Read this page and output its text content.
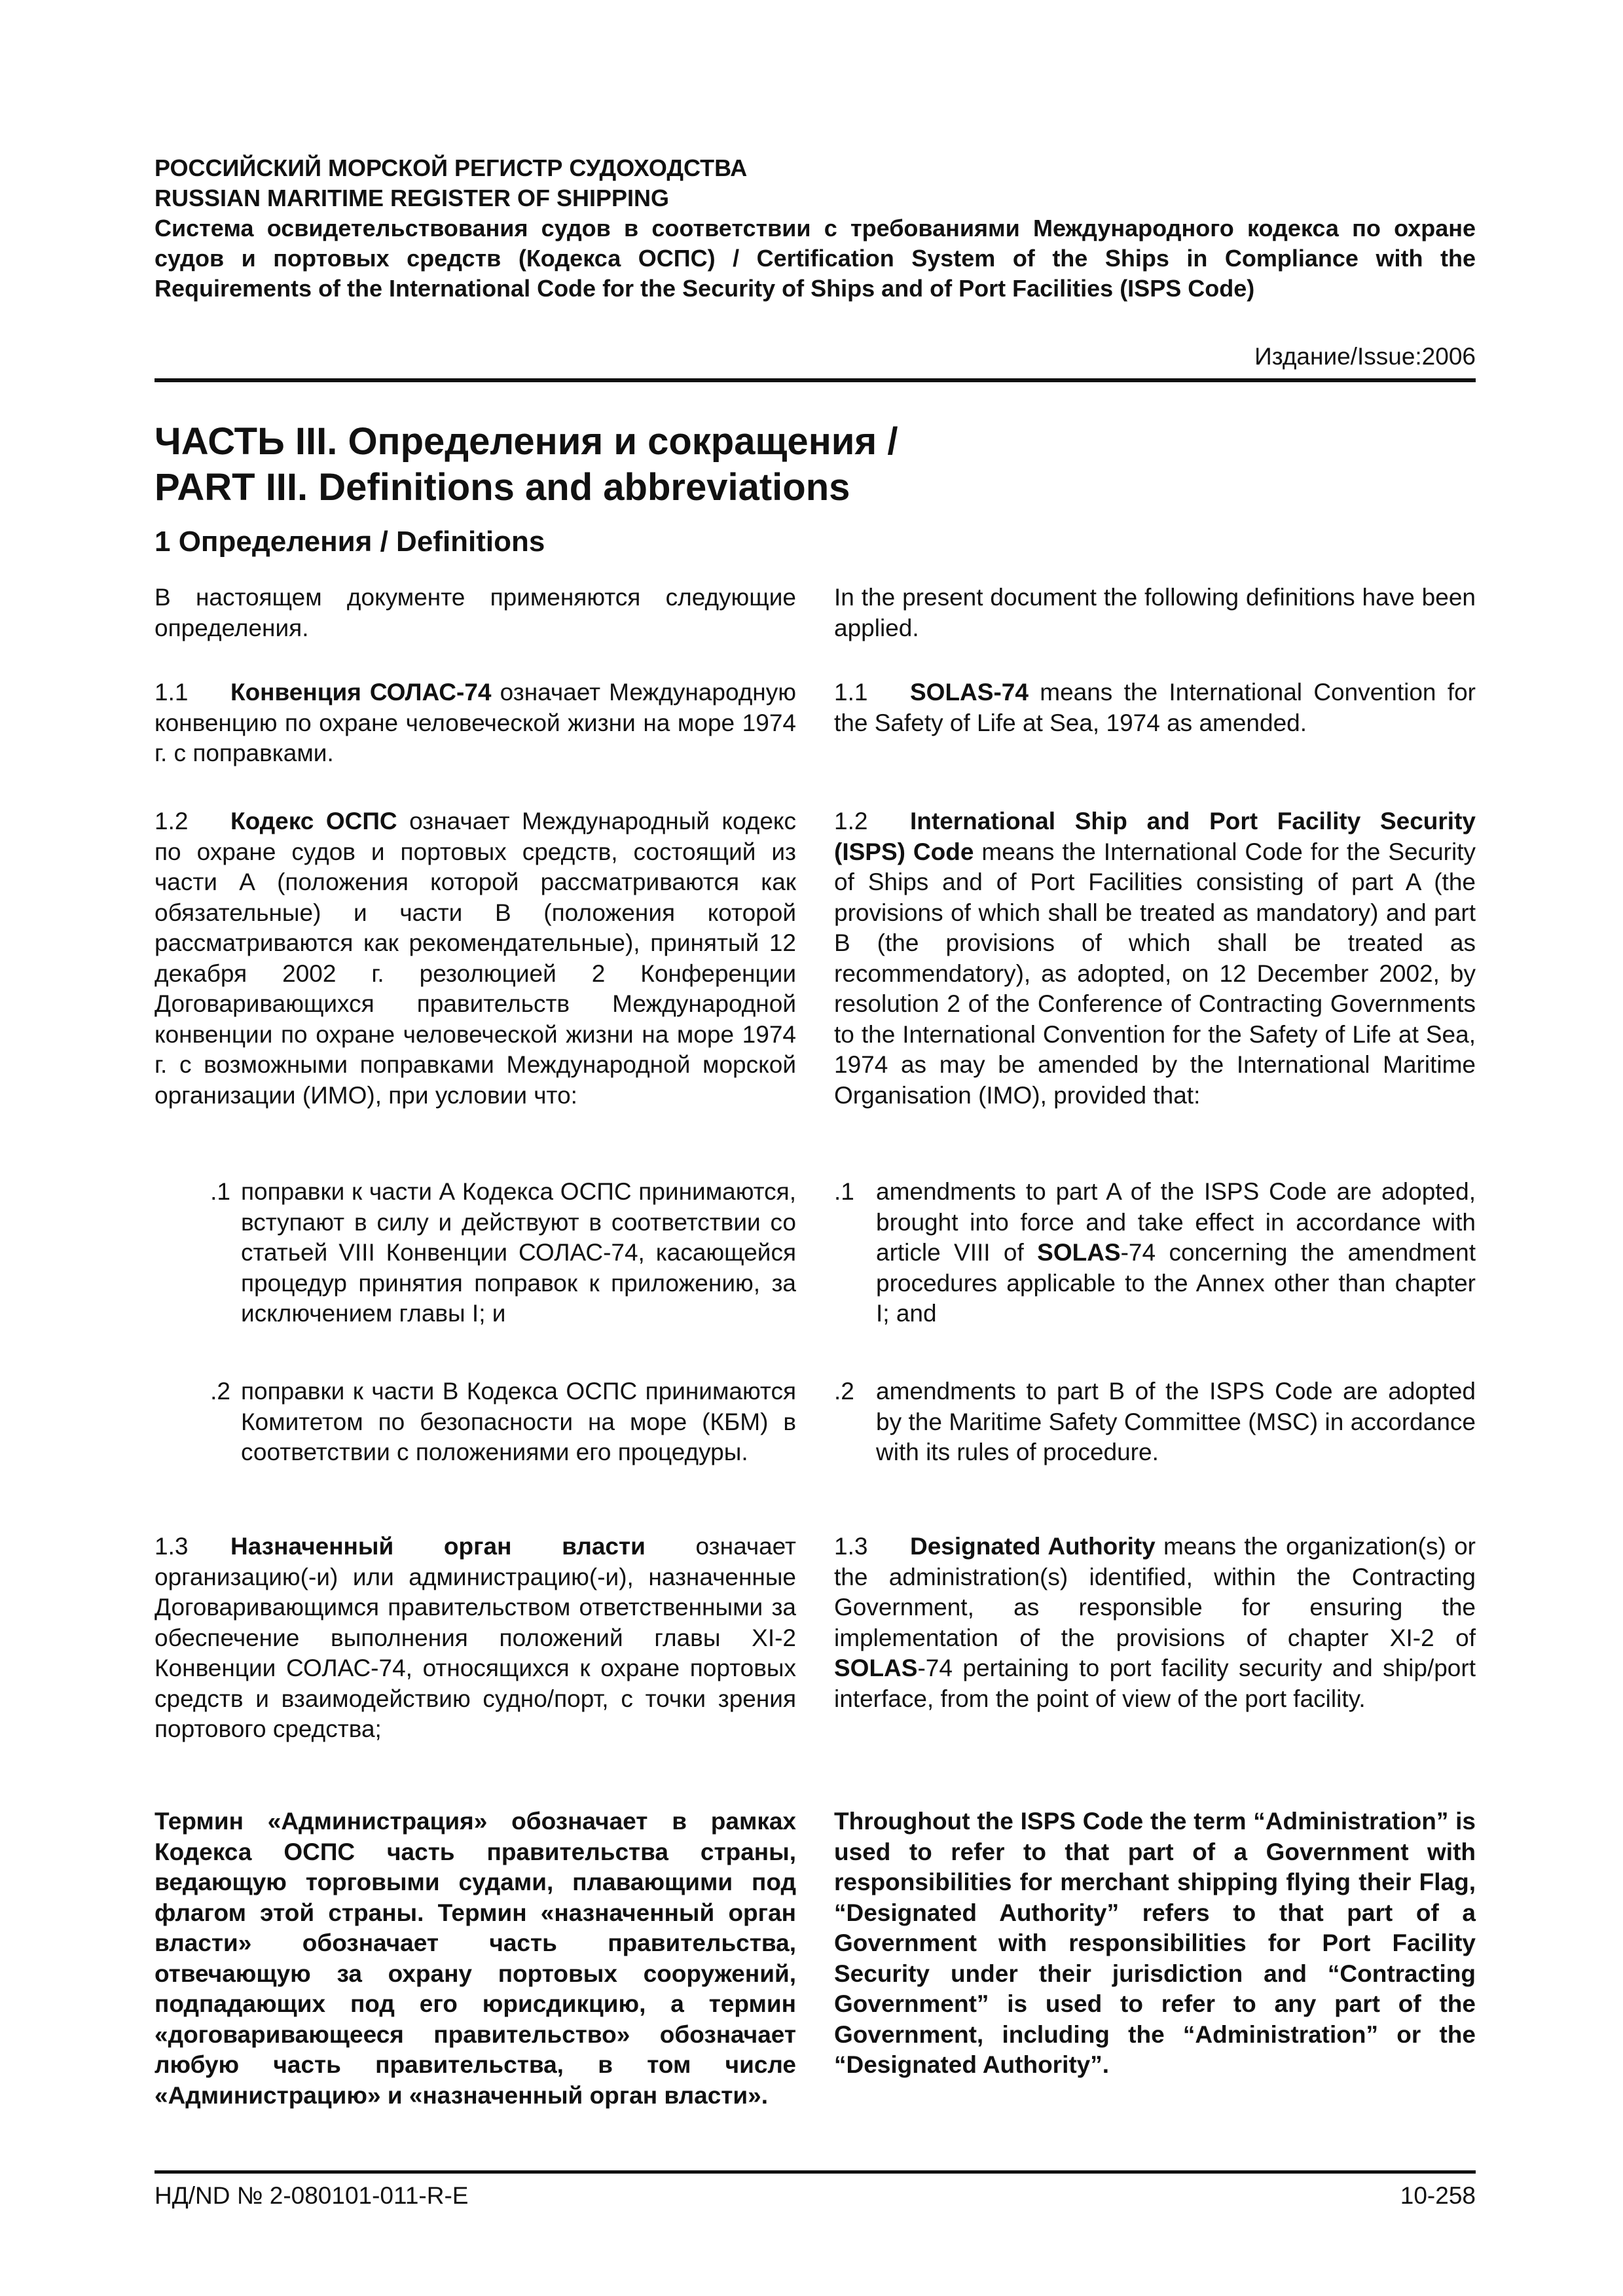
РОССИЙСКИЙ МОРСКОЙ РЕГИСТР СУДОХОДСТВА
RUSSIAN MARITIME REGISTER OF SHIPPING
Система освидетельствования судов в соответствии с требованиями Международного кодекса по охране судов и портовых средств (Кодекса ОСПС) / Certification System of the Ships in Compliance with the Requirements of the International Code for the Security of Ships and of Port Facilities (ISPS Code)
Издание/Issue:2006
ЧАСТЬ III. Определения и сокращения /
PART III. Definitions and abbreviations
1 Определения / Definitions

В настоящем документе применяются следующие определения.

1.1 Конвенция СОЛАС-74 означает Международную конвенцию по охране человеческой жизни на море 1974 г. с поправками.

1.2 Кодекс ОСПС означает Международный кодекс по охране судов и портовых средств, состоящий из части А (положения которой рассматриваются как обязательные) и части В (положения которой рассматриваются как рекомендательные), принятый 12 декабря 2002 г. резолюцией 2 Конференции Договаривающихся правительств Международной конвенции по охране человеческой жизни на море 1974 г. с возможными поправками Международной морской организации (ИМО), при условии что:

.1 поправки к части А Кодекса ОСПС принимаются, вступают в силу и действуют в соответствии со статьей VIII Конвенции СОЛАС-74, касающейся процедур принятия поправок к приложению, за исключением главы I; и
.2 поправки к части В Кодекса ОСПС принимаются Комитетом по безопасности на море (КБМ) в соответствии с положениями его процедуры.

1.3 Назначенный орган власти означает организацию(-и) или администрацию(-и), назначенные Договаривающимся правительством ответственными за обеспечение выполнения положений главы XI-2 Конвенции СОЛАС-74, относящихся к охране портовых средств и взаимодействию судно/порт, с точки зрения портового средства;

Термин «Администрация» обозначает в рамках Кодекса ОСПС часть правительства страны, ведающую торговыми судами, плавающими под флагом этой страны. Термин «назначенный орган власти» обозначает часть правительства, отвечающую за охрану портовых сооружений, подпадающих под его юрисдикцию, а термин «договаривающееся правительство» обозначает любую часть правительства, в том числе «Администрацию» и «назначенный орган власти».

In the present document the following definitions have been applied.

1.1 SOLAS-74 means the International Convention for the Safety of Life at Sea, 1974 as amended.

1.2 International Ship and Port Facility Security (ISPS) Code means the International Code for the Security of Ships and of Port Facilities consisting of part A (the provisions of which shall be treated as mandatory) and part B (the provisions of which shall be treated as recommendatory), as adopted, on 12 December 2002, by resolution 2 of the Conference of Contracting Governments to the International Convention for the Safety of Life at Sea, 1974 as may be amended by the International Maritime Organisation (IMO), provided that:

.1 amendments to part A of the ISPS Code are adopted, brought into force and take effect in accordance with article VIII of SOLAS-74 concerning the amendment procedures applicable to the Annex other than chapter I; and
.2 amendments to part B of the ISPS Code are adopted by the Maritime Safety Committee (MSC) in accordance with its rules of procedure.

1.3 Designated Authority means the organization(s) or the administration(s) identified, within the Contracting Government, as responsible for ensuring the implementation of the provisions of chapter XI-2 of      SOLAS-74 pertaining to port facility security and ship/port interface, from the point of view of the port facility.

Throughout the ISPS Code the term “Administration” is used to refer to that part of a Government with responsibilities for merchant shipping flying their Flag, “Designated Authority” refers to that part of a Government with responsibilities for Port Facility Security under their jurisdiction and “Contracting Government” is used to refer to any part of the Government, including the “Administration” or the “Designated Authority”.

НД/ND № 2-080101-011-R-E	10-258
